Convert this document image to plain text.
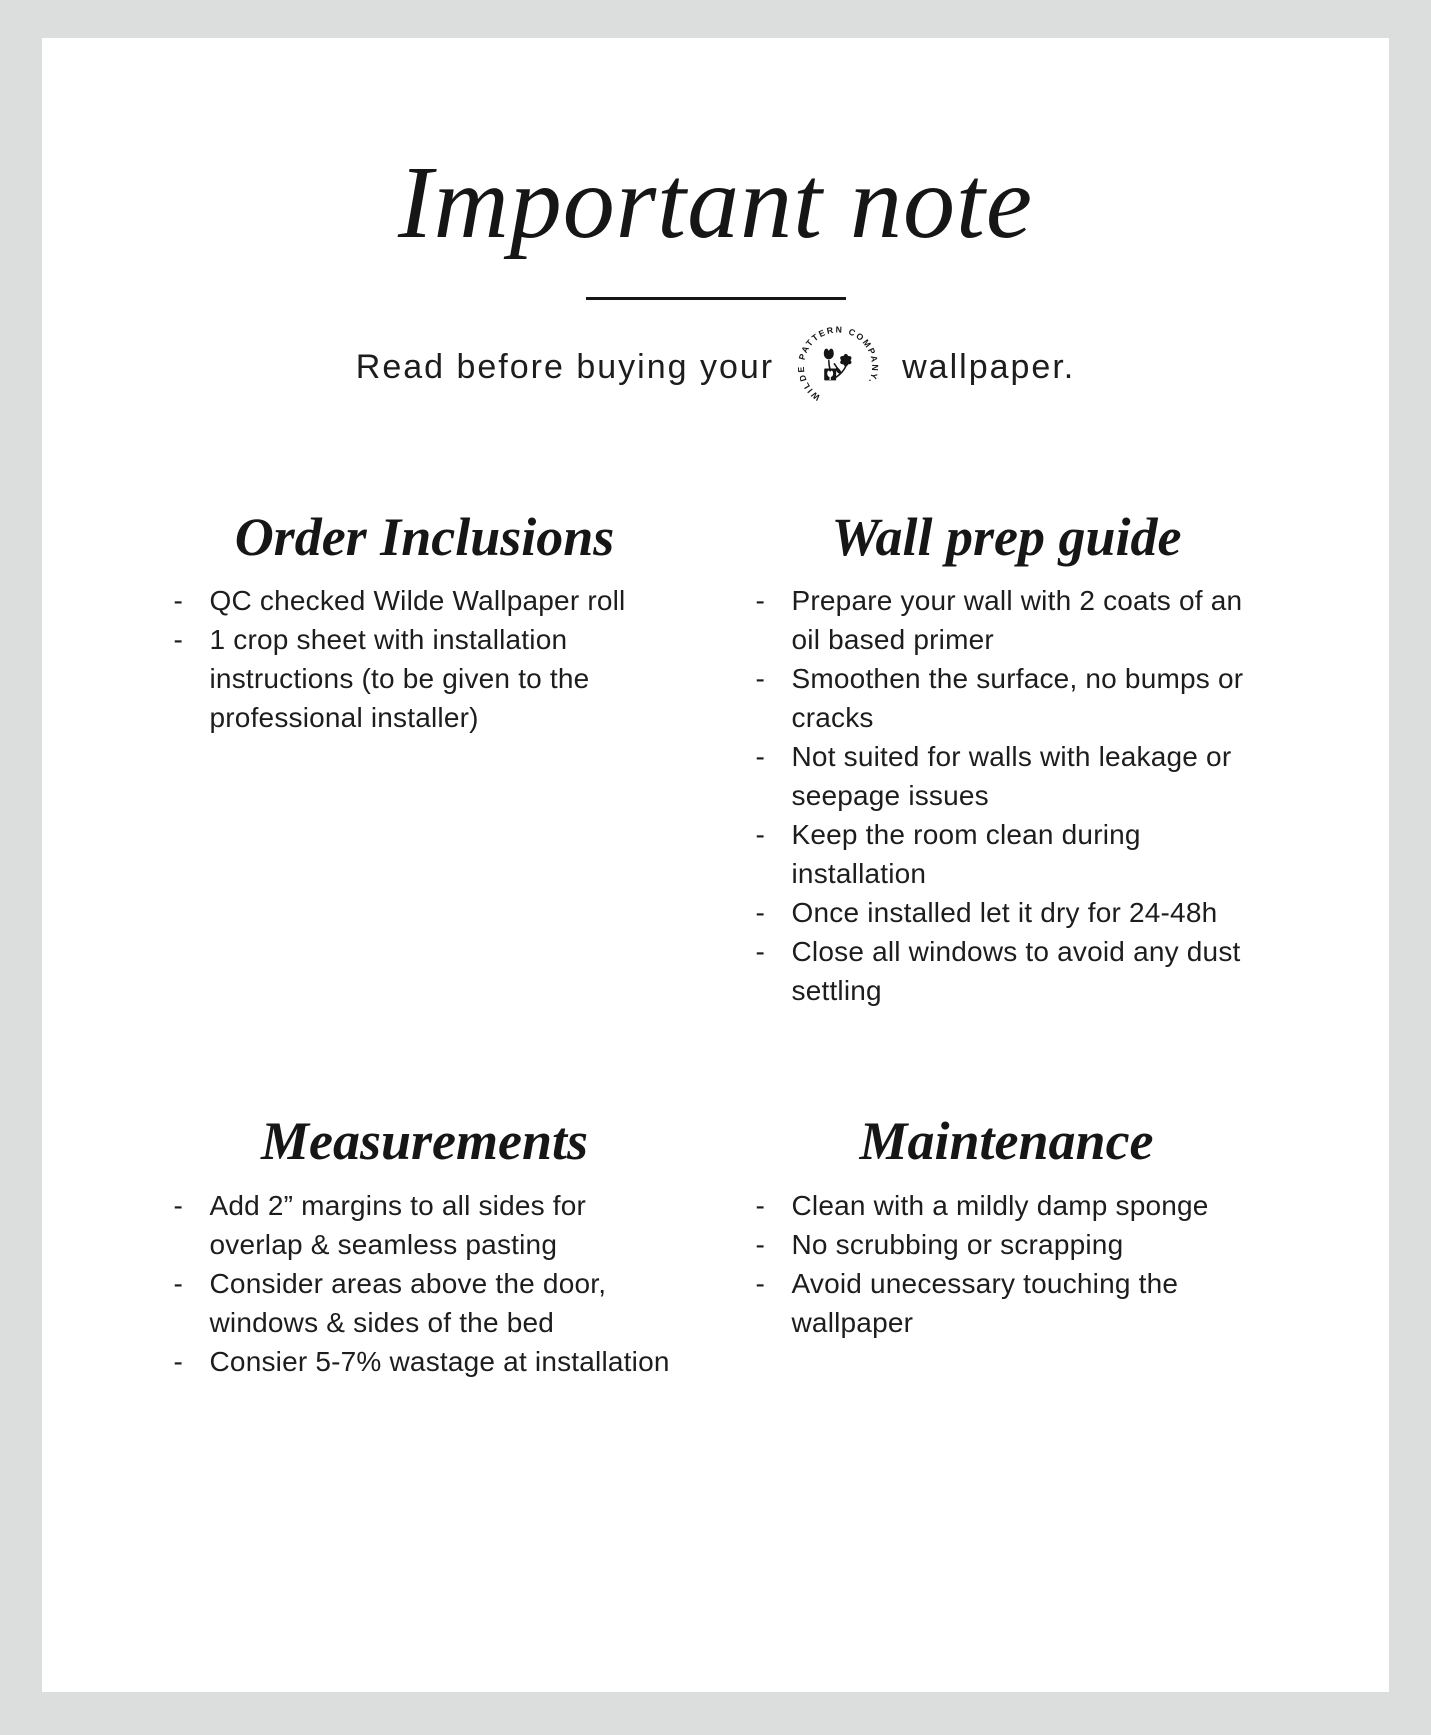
Important note
Read before buying your
WILDE PATTERN COMPANY. wallpaper.
Order Inclusions
- QC checked Wilde Wallpaper roll
- 1 crop sheet with installation instructions (to be given to the professional installer)
Wall prep guide
- Prepare your wall with 2 coats of an oil based primer
- Smoothen the surface, no bumps or cracks
- Not suited for walls with leakage or seepage issues
- Keep the room clean during installation
- Once installed let it dry for 24-48h
- Close all windows to avoid any dust settling
Measurements
- Add 2” margins to all sides for overlap & seamless pasting
- Consider areas above the door, windows & sides of the bed
- Consier 5-7% wastage at installation
Maintenance
- Clean with a mildly damp sponge
- No scrubbing or scrapping
- Avoid unecessary touching the wallpaper
